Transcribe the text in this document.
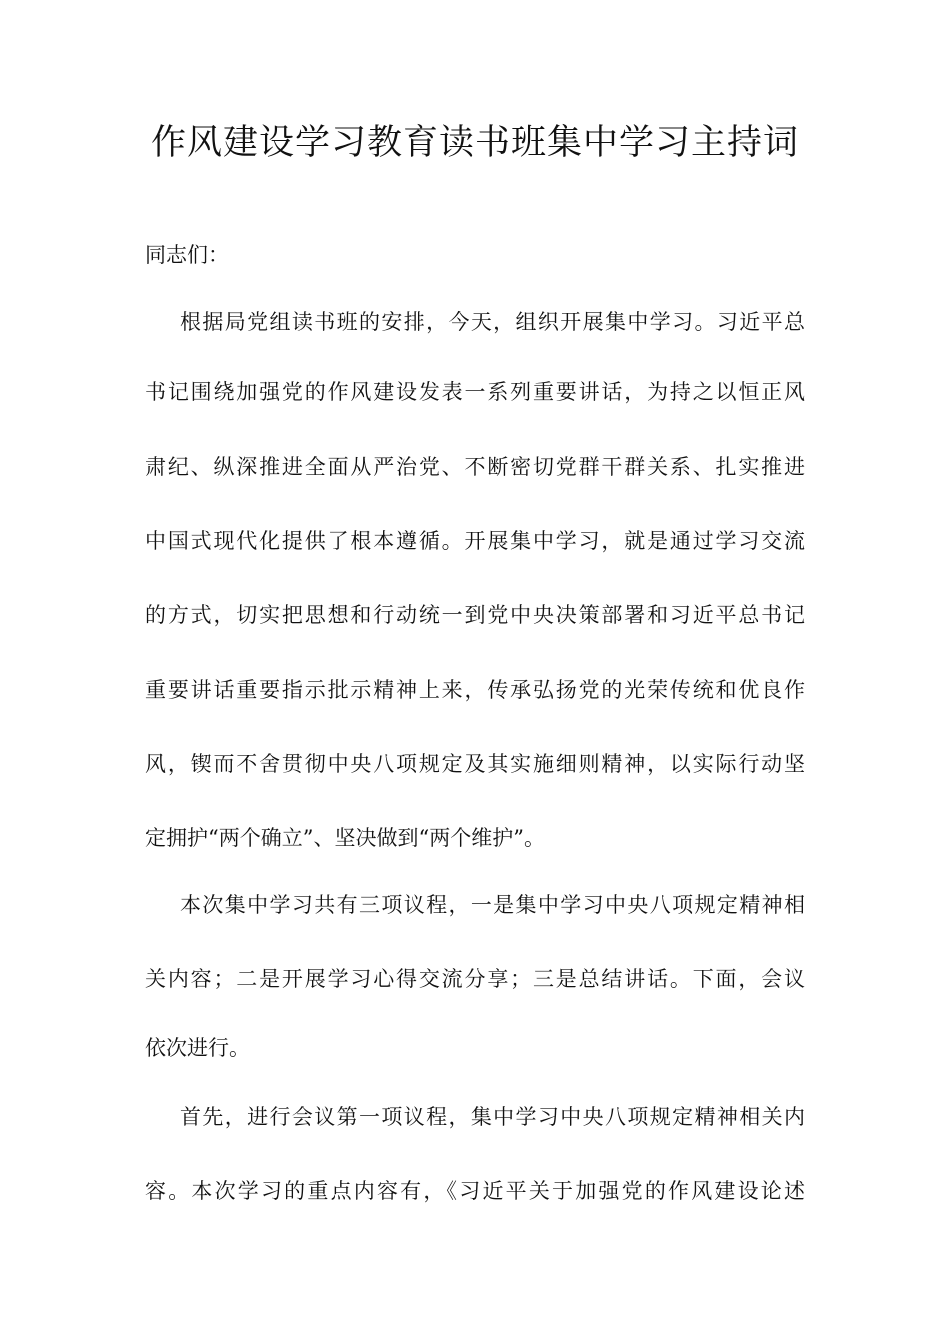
作风建设学习教育读书班集中学习主持词
同志们：
根据局党组读书班的安排，今天，组织开展集中学习。习近平总
书记围绕加强党的作风建设发表一系列重要讲话，为持之以恒正风
肃纪、纵深推进全面从严治党、不断密切党群干群关系、扎实推进
中国式现代化提供了根本遵循。开展集中学习，就是通过学习交流
的方式，切实把思想和行动统一到党中央决策部署和习近平总书记
重要讲话重要指示批示精神上来，传承弘扬党的光荣传统和优良作
风，锲而不舍贯彻中央八项规定及其实施细则精神，以实际行动坚
定拥护“两个确立”、坚决做到“两个维护”。
本次集中学习共有三项议程，一是集中学习中央八项规定精神相
关内容；二是开展学习心得交流分享；三是总结讲话。下面，会议
依次进行。
首先，进行会议第一项议程，集中学习中央八项规定精神相关内
容。本次学习的重点内容有，《习近平关于加强党的作风建设论述
